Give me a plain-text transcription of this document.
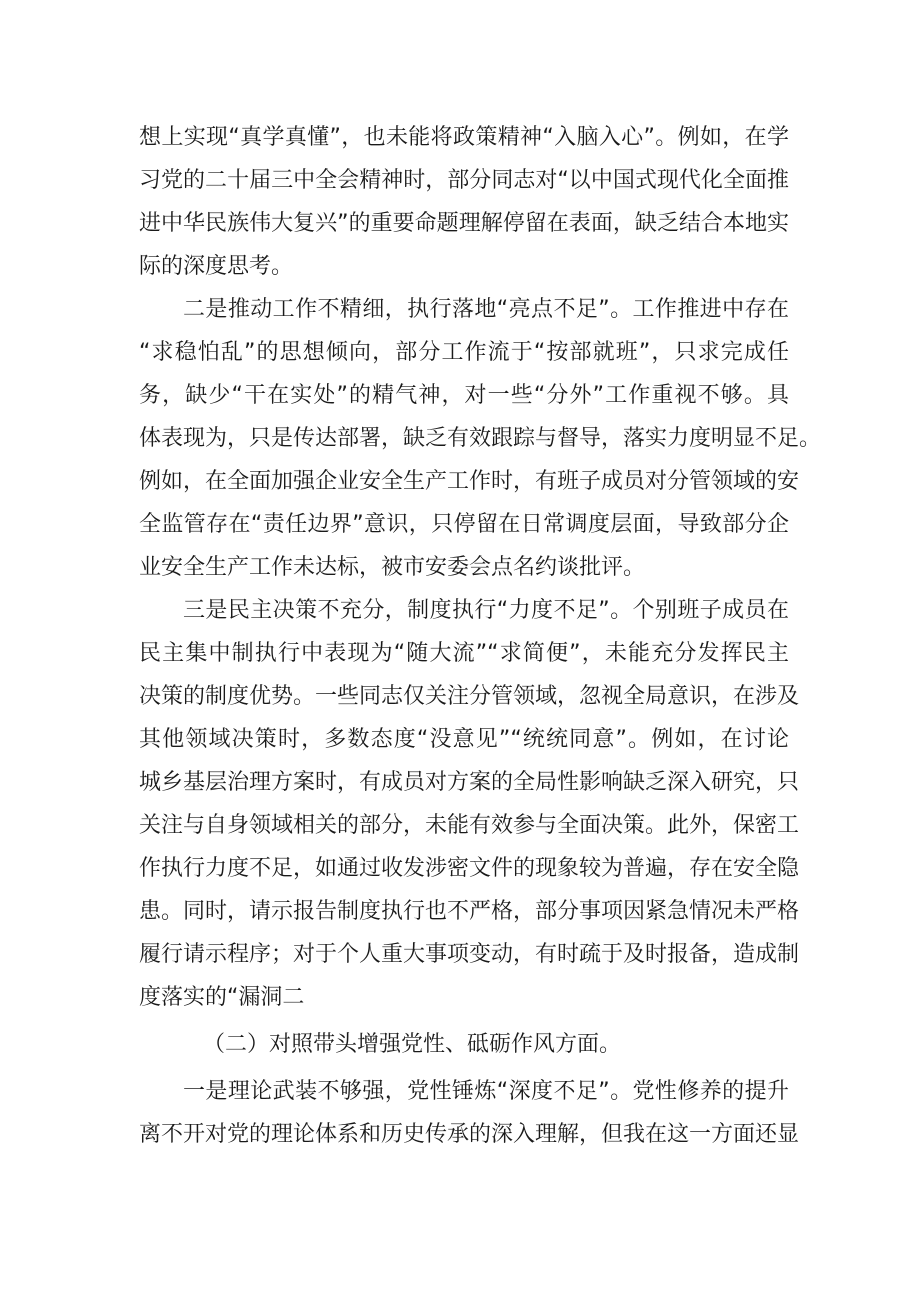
想上实现“真学真懂”，也未能将政策精神“入脑入心”。例如，在学
习党的二十届三中全会精神时，部分同志对“以中国式现代化全面推
进中华民族伟大复兴”的重要命题理解停留在表面，缺乏结合本地实
际的深度思考。
二是推动工作不精细，执行落地“亮点不足”。工作推进中存在
“求稳怕乱”的思想倾向，部分工作流于“按部就班”，只求完成任
务，缺少“干在实处”的精气神，对一些“分外”工作重视不够。具
体表现为，只是传达部署，缺乏有效跟踪与督导，落实力度明显不足。
例如，在全面加强企业安全生产工作时，有班子成员对分管领域的安
全监管存在“责任边界”意识，只停留在日常调度层面，导致部分企
业安全生产工作未达标，被市安委会点名约谈批评。
三是民主决策不充分，制度执行“力度不足”。个别班子成员在
民主集中制执行中表现为“随大流”“求简便”，未能充分发挥民主
决策的制度优势。一些同志仅关注分管领域，忽视全局意识，在涉及
其他领域决策时，多数态度“没意见”“统统同意”。例如，在讨论
城乡基层治理方案时，有成员对方案的全局性影响缺乏深入研究，只
关注与自身领域相关的部分，未能有效参与全面决策。此外，保密工
作执行力度不足，如通过收发涉密文件的现象较为普遍，存在安全隐
患。同时，请示报告制度执行也不严格，部分事项因紧急情况未严格
履行请示程序；对于个人重大事项变动，有时疏于及时报备，造成制
度落实的“漏洞二
（二）对照带头增强党性、砥砺作风方面。
一是理论武装不够强，党性锤炼“深度不足”。党性修养的提升
离不开对党的理论体系和历史传承的深入理解，但我在这一方面还显
